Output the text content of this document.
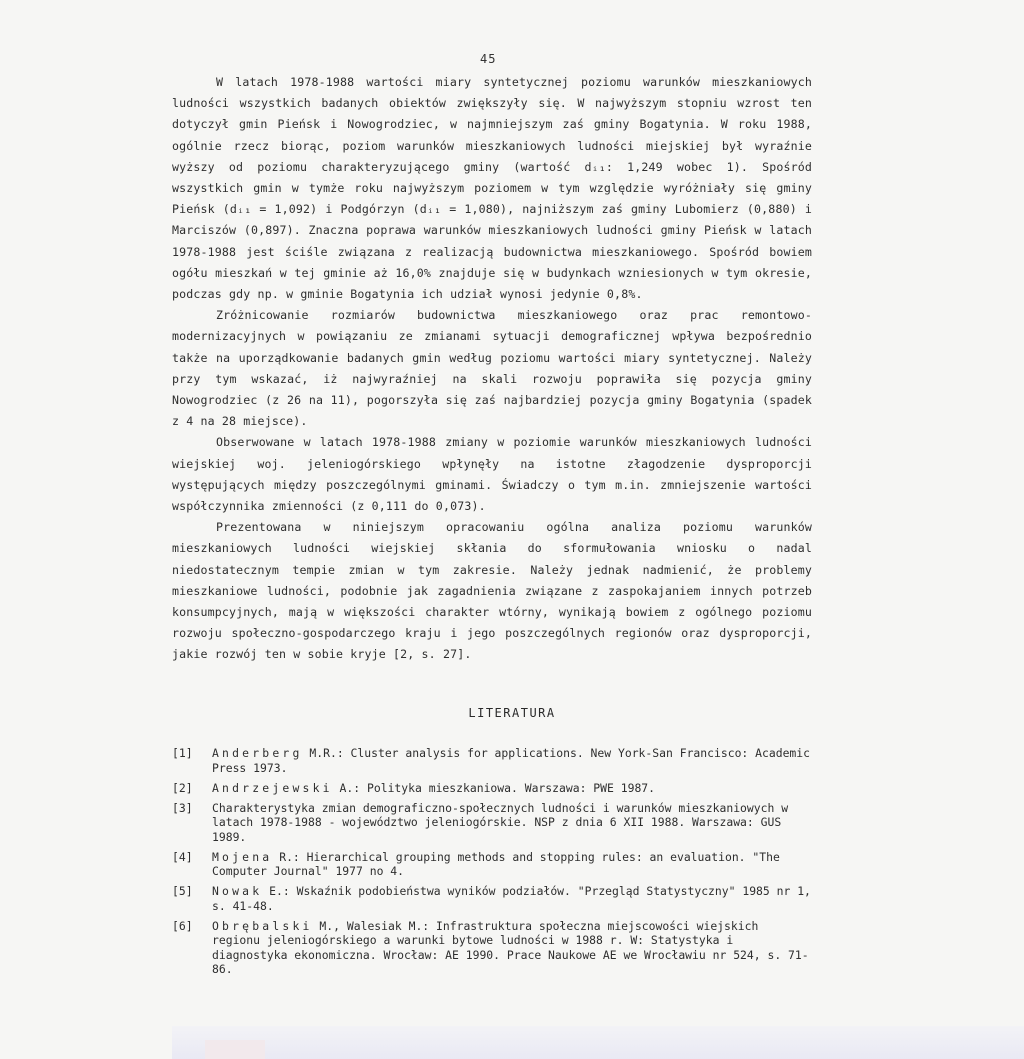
45

W latach 1978-1988 wartości miary syntetycznej poziomu warunków mieszkaniowych ludności wszystkich badanych obiektów zwiększyły się. W najwyższym stopniu wzrost ten dotyczył gmin Pieńsk i Nowogrodziec, w najmniejszym zaś gminy Bogatynia. W roku 1988, ogólnie rzecz biorąc, poziom warunków mieszkaniowych ludności miejskiej był wyraźnie wyższy od poziomu charakteryzującego gminy (wartość dᵢ₁: 1,249 wobec 1). Spośród wszystkich gmin w tymże roku najwyższym poziomem w tym względzie wyróżniały się gminy Pieńsk (dᵢ₁ = 1,092) i Podgórzyn (dᵢ₁ = 1,080), najniższym zaś gminy Lubomierz (0,880) i Marciszów (0,897). Znaczna poprawa warunków mieszkaniowych ludności gminy Pieńsk w latach 1978-1988 jest ściśle związana z realizacją budownictwa mieszkaniowego. Spośród bowiem ogółu mieszkań w tej gminie aż 16,0% znajduje się w budynkach wzniesionych w tym okresie, podczas gdy np. w gminie Bogatynia ich udział wynosi jedynie 0,8%.

Zróżnicowanie rozmiarów budownictwa mieszkaniowego oraz prac remontowo-modernizacyjnych w powiązaniu ze zmianami sytuacji demograficznej wpływa bezpośrednio także na uporządkowanie badanych gmin według poziomu wartości miary syntetycznej. Należy przy tym wskazać, iż najwyraźniej na skali rozwoju poprawiła się pozycja gminy Nowogrodziec (z 26 na 11), pogorszyła się zaś najbardziej pozycja gminy Bogatynia (spadek z 4 na 28 miejsce).

Obserwowane w latach 1978-1988 zmiany w poziomie warunków mieszkaniowych ludności wiejskiej woj. jeleniogórskiego wpłynęły na istotne złagodzenie dysproporcji występujących między poszczególnymi gminami. Świadczy o tym m.in. zmniejszenie wartości współczynnika zmienności (z 0,111 do 0,073).

Prezentowana w niniejszym opracowaniu ogólna analiza poziomu warunków mieszkaniowych ludności wiejskiej skłania do sformułowania wniosku o nadal niedostatecznym tempie zmian w tym zakresie. Należy jednak nadmienić, że problemy mieszkaniowe ludności, podobnie jak zagadnienia związane z zaspokajaniem innych potrzeb konsumpcyjnych, mają w większości charakter wtórny, wynikają bowiem z ogólnego poziomu rozwoju społeczno-gospodarczego kraju i jego poszczególnych regionów oraz dysproporcji, jakie rozwój ten w sobie kryje [2, s. 27].

LITERATURA
[1]	Anderberg M.R.: Cluster analysis for applications. New York-San Francisco: Academic Press 1973.
[2]	Andrzejewski A.: Polityka mieszkaniowa. Warszawa: PWE 1987.
[3]	Charakterystyka zmian demograficzno-społecznych ludności i warunków mieszkaniowych w latach 1978-1988 - województwo jeleniogórskie. NSP z dnia 6 XII 1988. Warszawa: GUS 1989.
[4]	Mojena R.: Hierarchical grouping methods and stopping rules: an evaluation. "The Computer Journal" 1977 no 4.
[5]	Nowak E.: Wskaźnik podobieństwa wyników podziałów. "Przegląd Statystyczny" 1985 nr 1, s. 41-48.
[6]	Obrębalski M., Walesiak M.: Infrastruktura społeczna miejscowości wiejskich regionu jeleniogórskiego a warunki bytowe ludności w 1988 r. W: Statystyka i diagnostyka ekonomiczna. Wrocław: AE 1990. Prace Naukowe AE we Wrocławiu nr 524, s. 71-86.
